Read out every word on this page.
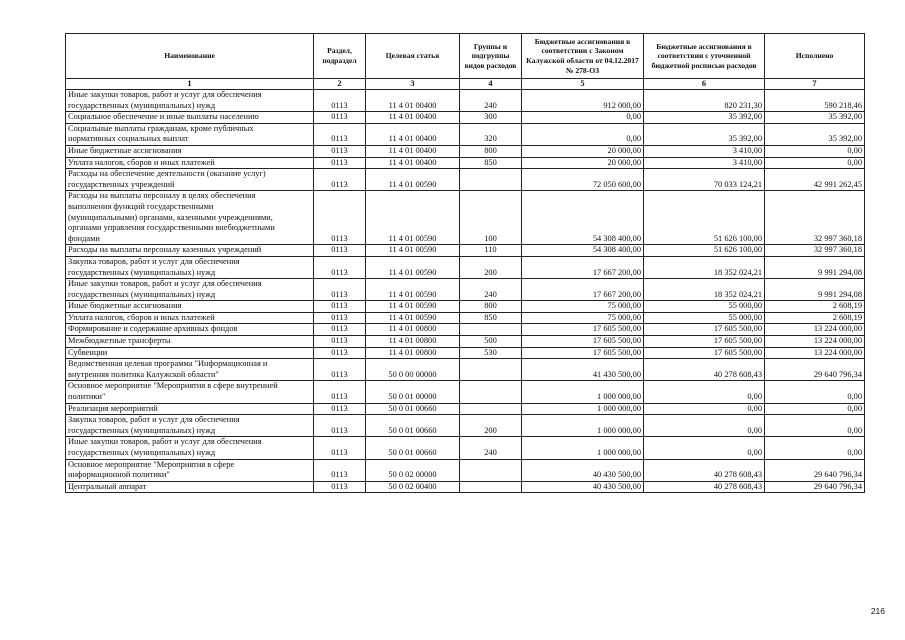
Наименование	Раздел, подраздел	Целевая статья	Группы и подгруппы видов расходов	Бюджетные ассигнования в соответствии с Законом Калужской области от 04.12.2017 № 278-ОЗ	Бюджетные ассигнования в соответствии с уточненной бюджетной росписью расходов	Исполнено
1	2	3	4	5	6	7
Иные закупки товаров, работ и услуг для обеспечения
государственных (муниципальных) нужд	0113	11 4 01 00400	240	912 000,00	820 231,30	590 218,46
Социальное обеспечение и иные выплаты населению	0113	11 4 01 00400	300	0,00	35 392,00	35 392,00
Социальные выплаты гражданам, кроме публичных
нормативных социальных выплат	0113	11 4 01 00400	320	0,00	35 392,00	35 392,00
Иные бюджетные ассигнования	0113	11 4 01 00400	800	20 000,00	3 410,00	0,00
Уплата налогов, сборов и иных платежей	0113	11 4 01 00400	850	20 000,00	3 410,00	0,00
Расходы на обеспечение деятельности (оказание услуг)
государственных учреждений	0113	11 4 01 00590		72 050 600,00	70 033 124,21	42 991 262,45
Расходы на выплаты персоналу в целях обеспечения
выполнения функций государственными
(муниципальными) органами, казенными учреждениями,
органами управления государственными внебюджетными
фондами	0113	11 4 01 00590	100	54 308 400,00	51 626 100,00	32 997 360,18
Расходы на выплаты персоналу казенных учреждений	0113	11 4 01 00590	110	54 308 400,00	51 626 100,00	32 997 360,18
Закупка товаров, работ и услуг для обеспечения
государственных (муниципальных) нужд	0113	11 4 01 00590	200	17 667 200,00	18 352 024,21	9 991 294,08
Иные закупки товаров, работ и услуг для обеспечения
государственных (муниципальных) нужд	0113	11 4 01 00590	240	17 667 200,00	18 352 024,21	9 991 294,08
Иные бюджетные ассигнования	0113	11 4 01 00590	800	75 000,00	55 000,00	2 608,19
Уплата налогов, сборов и иных платежей	0113	11 4 01 00590	850	75 000,00	55 000,00	2 608,19
Формирование и содержание архивных фондов	0113	11 4 01 00800		17 605 500,00	17 605 500,00	13 224 000,00
Межбюджетные трансферты	0113	11 4 01 00800	500	17 605 500,00	17 605 500,00	13 224 000,00
Субвенции	0113	11 4 01 00800	530	17 605 500,00	17 605 500,00	13 224 000,00
Ведомственная целевая программа "Информационная и
внутренняя политика Калужской области"	0113	50 0 00 00000		41 430 500,00	40 278 608,43	29 640 796,34
Основное мероприятие "Мероприятия в сфере внутренней
политики"	0113	50 0 01 00000		1 000 000,00	0,00	0,00
Реализация мероприятий	0113	50 0 01 00660		1 000 000,00	0,00	0,00
Закупка товаров, работ и услуг для обеспечения
государственных (муниципальных) нужд	0113	50 0 01 00660	200	1 000 000,00	0,00	0,00
Иные закупки товаров, работ и услуг для обеспечения
государственных (муниципальных) нужд	0113	50 0 01 00660	240	1 000 000,00	0,00	0,00
Основное мероприятие "Мероприятия в сфере
информационной политики"	0113	50 0 02 00000		40 430 500,00	40 278 608,43	29 640 796,34
Центральный аппарат	0113	50 0 02 00400		40 430 500,00	40 278 608,43	29 640 796,34
216
